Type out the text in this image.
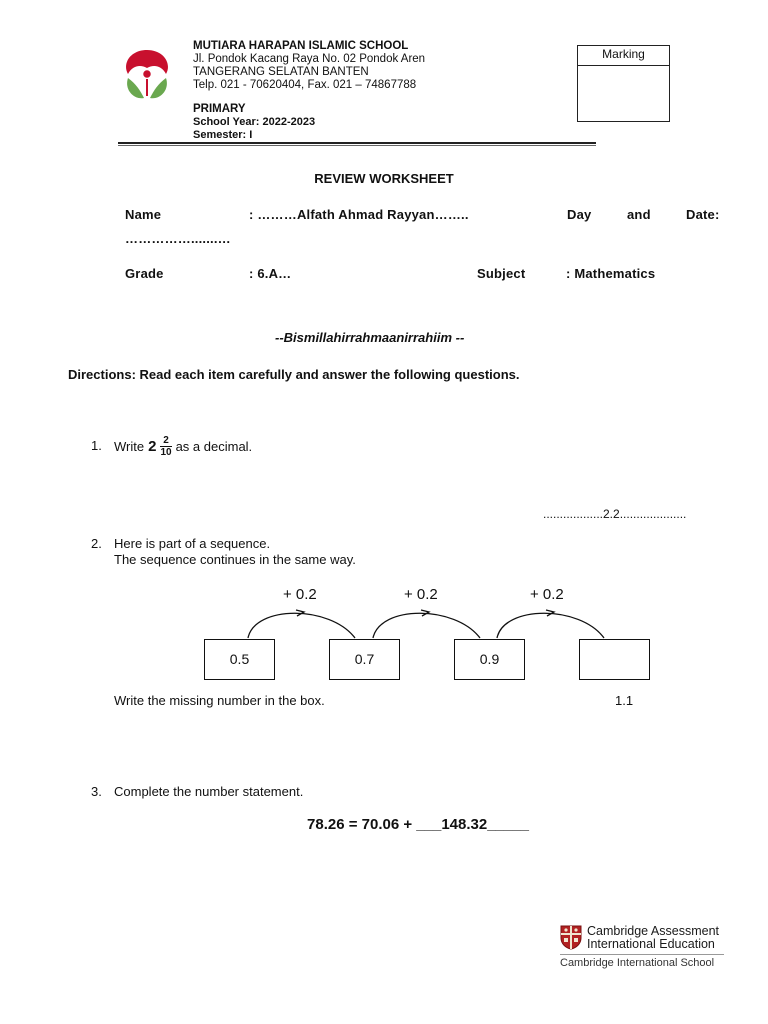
MUTIARA HARAPAN ISLAMIC SCHOOL
Jl. Pondok Kacang Raya No. 02 Pondok Aren
TANGERANG SELATAN BANTEN
Telp. 021 - 70620404, Fax. 021 – 74867788
PRIMARY
School Year: 2022-2023
Semester: I
Marking
REVIEW WORKSHEET
Name	: ………Alfath Ahmad Rayyan……..	Day	and	Date:
…………….......…
Grade	: 6.A…	Subject	: Mathematics
--Bismillahirrahmaanirrahiim --
Directions: Read each item carefully and answer the following questions.
1. Write $2 \frac{2}{10}$ as a decimal.
..................2.2....................
2. Here is part of a sequence.
The sequence continues in the same way.
+ 0.2	+ 0.2	+ 0.2
0.5	0.7	0.9
Write the missing number in the box.	1.1
3. Complete the number statement.
78.26 = 70.06 + ___148.32_____
Cambridge Assessment
International Education
Cambridge International School
